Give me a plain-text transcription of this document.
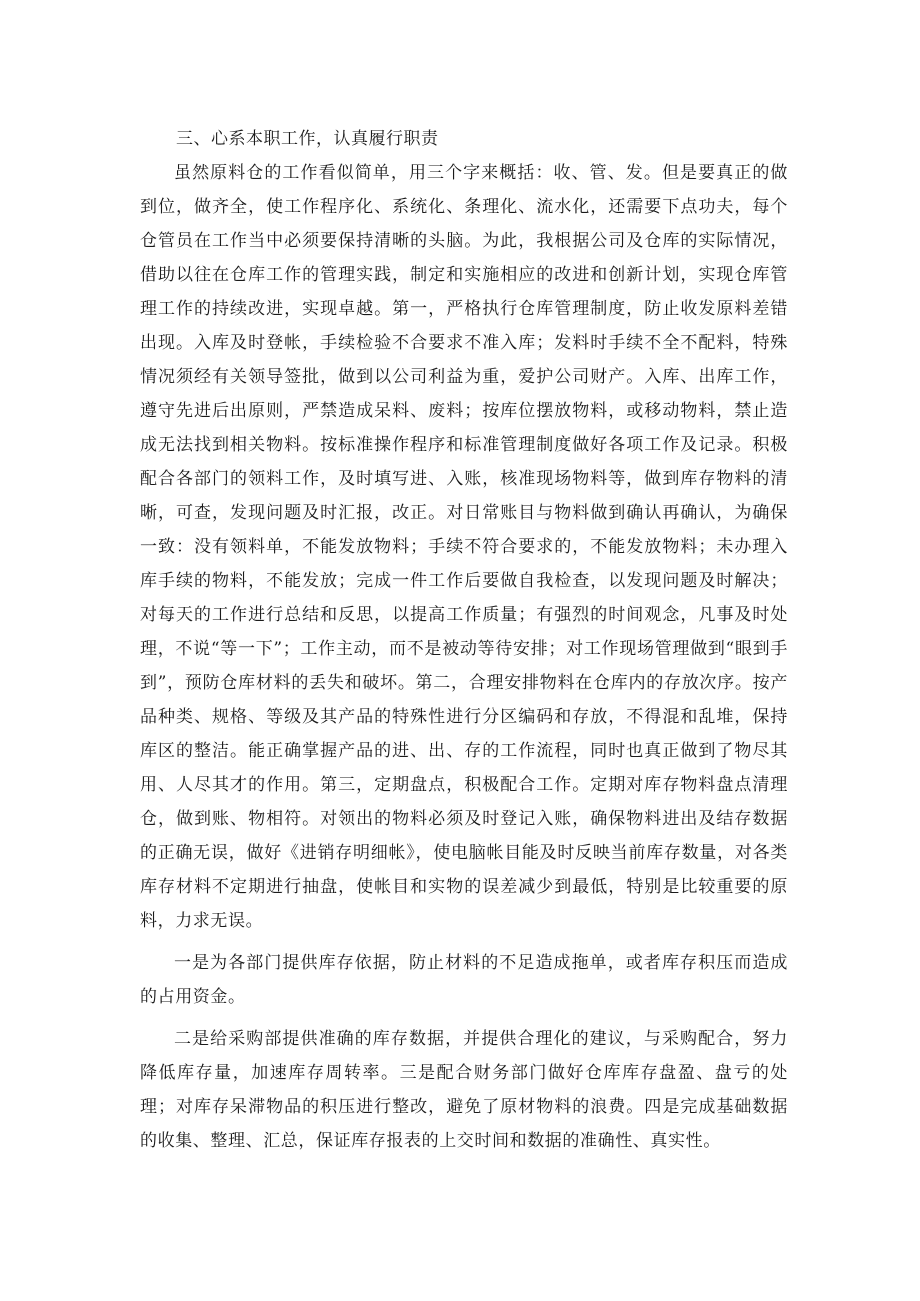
三、心系本职工作，认真履行职责

虽然原料仓的工作看似简单，用三个字来概括：收、管、发。但是要真正的做到位，做齐全，使工作程序化、系统化、条理化、流水化，还需要下点功夫，每个仓管员在工作当中必须要保持清晰的头脑。为此，我根据公司及仓库的实际情况，借助以往在仓库工作的管理实践，制定和实施相应的改进和创新计划，实现仓库管理工作的持续改进，实现卓越。第一，严格执行仓库管理制度，防止收发原料差错出现。入库及时登帐，手续检验不合要求不准入库；发料时手续不全不配料，特殊情况须经有关领导签批，做到以公司利益为重，爱护公司财产。入库、出库工作，遵守先进后出原则，严禁造成呆料、废料；按库位摆放物料，或移动物料，禁止造成无法找到相关物料。按标准操作程序和标准管理制度做好各项工作及记录。积极配合各部门的领料工作，及时填写进、入账，核准现场物料等，做到库存物料的清晰，可查，发现问题及时汇报，改正。对日常账目与物料做到确认再确认，为确保一致：没有领料单，不能发放物料；手续不符合要求的，不能发放物料；未办理入库手续的物料，不能发放；完成一件工作后要做自我检查，以发现问题及时解决；对每天的工作进行总结和反思，以提高工作质量；有强烈的时间观念，凡事及时处理，不说“等一下”；工作主动，而不是被动等待安排；对工作现场管理做到“眼到手到”，预防仓库材料的丢失和破坏。第二，合理安排物料在仓库内的存放次序。按产品种类、规格、等级及其产品的特殊性进行分区编码和存放，不得混和乱堆，保持库区的整洁。能正确掌握产品的进、出、存的工作流程，同时也真正做到了物尽其用、人尽其才的作用。第三，定期盘点，积极配合工作。定期对库存物料盘点清理仓，做到账、物相符。对领出的物料必须及时登记入账，确保物料进出及结存数据的正确无误，做好《进销存明细帐》，使电脑帐目能及时反映当前库存数量，对各类库存材料不定期进行抽盘，使帐目和实物的误差减少到最低，特别是比较重要的原料，力求无误。

一是为各部门提供库存依据，防止材料的不足造成拖单，或者库存积压而造成的占用资金。

二是给采购部提供准确的库存数据，并提供合理化的建议，与采购配合，努力降低库存量，加速库存周转率。三是配合财务部门做好仓库库存盘盈、盘亏的处理；对库存呆滞物品的积压进行整改，避免了原材物料的浪费。四是完成基础数据的收集、整理、汇总，保证库存报表的上交时间和数据的准确性、真实性。
